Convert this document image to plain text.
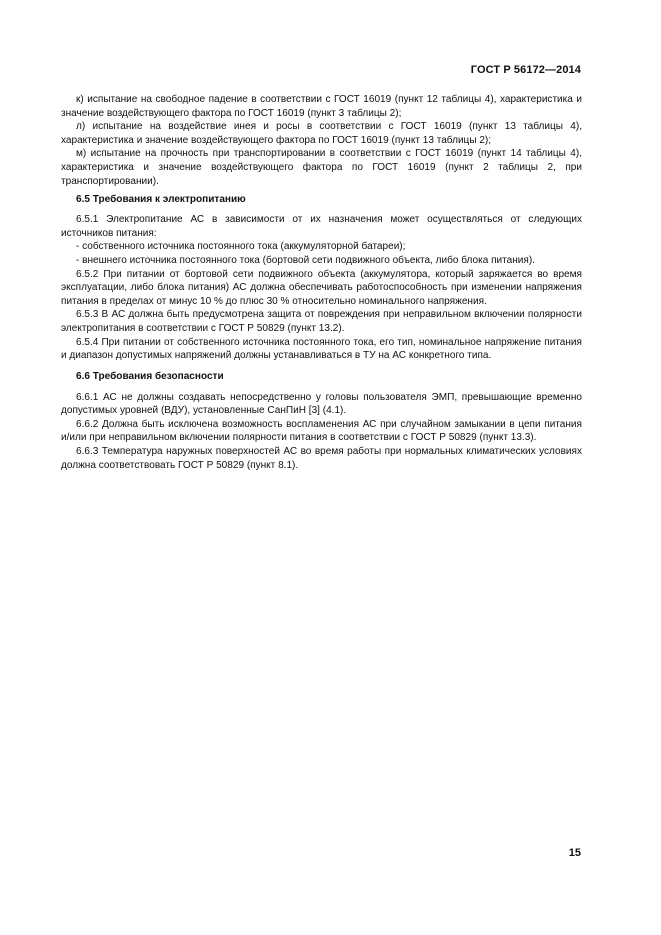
ГОСТ Р 56172—2014

к) испытание на свободное падение в соответствии с ГОСТ 16019 (пункт 12 таблицы 4), характеристика и значение воздействующего фактора по ГОСТ 16019 (пункт 3 таблицы 2);

л) испытание на воздействие инея и росы в соответствии с ГОСТ 16019 (пункт 13 таблицы 4), характеристика и значение воздействующего фактора по ГОСТ 16019 (пункт 13 таблицы 2);

м) испытание на прочность при транспортировании в соответствии с ГОСТ 16019 (пункт 14 таблицы 4), характеристика и значение воздействующего фактора по ГОСТ 16019 (пункт 2 таблицы 2, при транспортировании).

6.5 Требования к электропитанию

6.5.1 Электропитание АС в зависимости от их назначения может осуществляться от следующих источников питания:

- собственного источника постоянного тока (аккумуляторной батареи);

- внешнего источника постоянного тока (бортовой сети подвижного объекта, либо блока питания).

6.5.2 При питании от бортовой сети подвижного объекта (аккумулятора, который заряжается во время эксплуатации, либо блока питания) АС должна обеспечивать работоспособность при изменении напряжения питания в пределах от минус 10 % до плюс 30 % относительно номинального напряжения.

6.5.3 В АС должна быть предусмотрена защита от повреждения при неправильном включении полярности электропитания в соответствии с ГОСТ Р 50829 (пункт 13.2).

6.5.4 При питании от собственного источника постоянного тока, его тип, номинальное напряжение питания и диапазон допустимых напряжений должны устанавливаться в ТУ на АС конкретного типа.

6.6 Требования безопасности

6.6.1 АС не должны создавать непосредственно у головы пользователя ЭМП, превышающие временно допустимых уровней (ВДУ), установленные СанПиН [3] (4.1).

6.6.2 Должна быть исключена возможность воспламенения АС при случайном замыкании в цепи питания и/или при неправильном включении полярности питания в соответствии с ГОСТ Р 50829 (пункт 13.3).

6.6.3 Температура наружных поверхностей АС во время работы при нормальных климатических условиях должна соответствовать ГОСТ Р 50829 (пункт 8.1).

15
